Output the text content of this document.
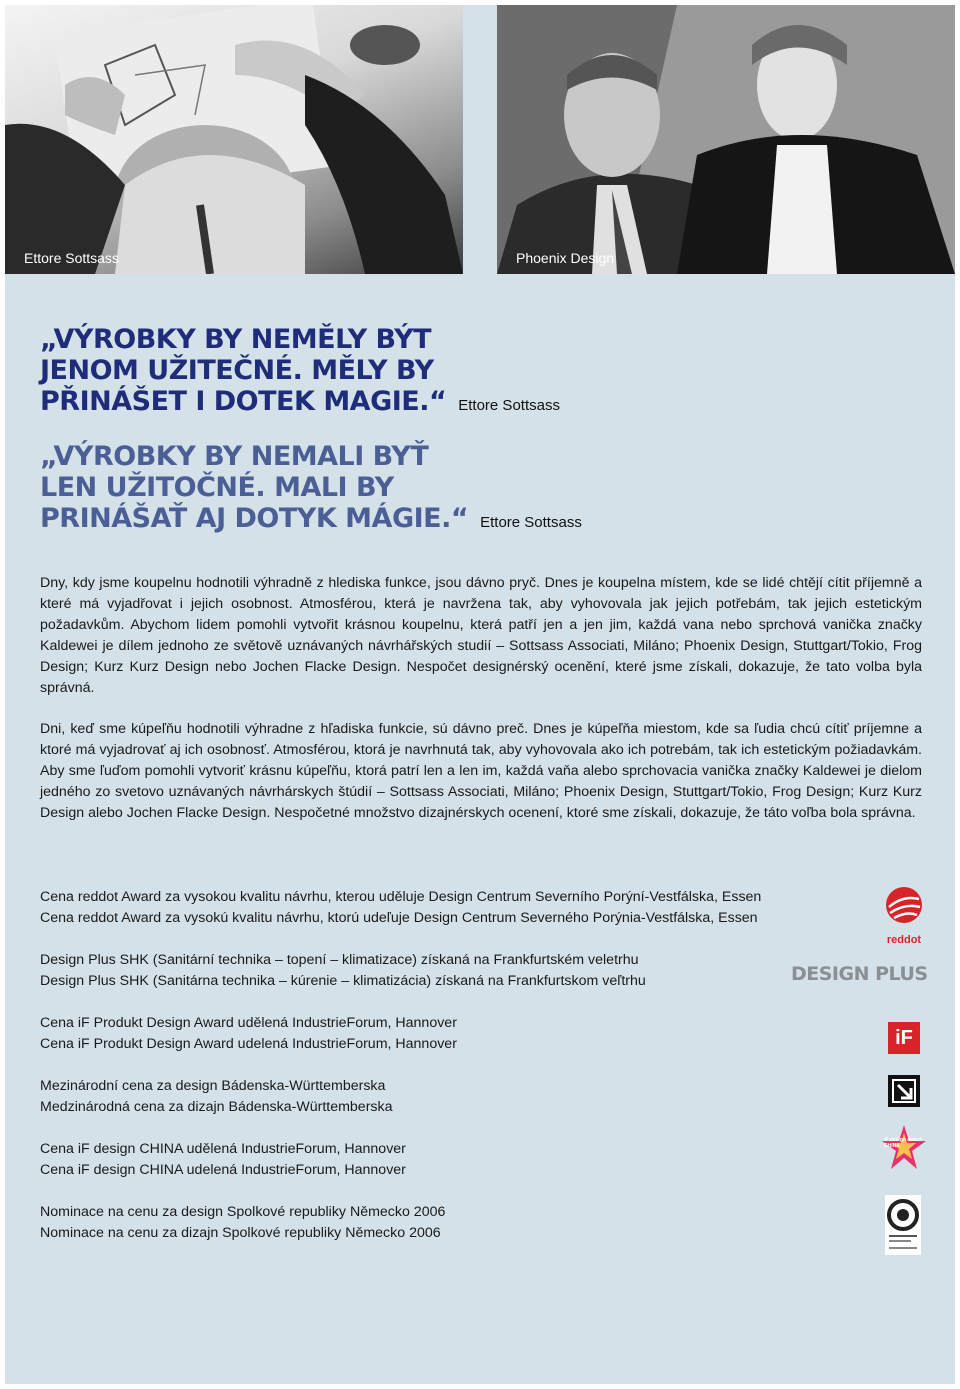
Ettore Sottsass	Phoenix Design
„VÝROBKY BY NEMĚLY BÝT
JENOM UŽITEČNÉ. MĚLY BY
PŘINÁŠET I DOTEK MAGIE.“ Ettore Sottsass
„VÝROBKY BY NEMALI BYŤ
LEN UŽITOČNÉ. MALI BY
PRINÁŠAŤ AJ DOTYK MÁGIE.“ Ettore Sottsass

Dny, kdy jsme koupelnu hodnotili výhradně z hlediska funkce, jsou dávno pryč. Dnes je koupelna místem, kde se lidé chtějí cítit příjemně a které má vyjadřovat i jejich osobnost. Atmosférou, která je navržena tak, aby vyhovovala jak jejich potřebám, tak jejich estetickým požadavkům. Abychom lidem pomohli vytvořit krásnou koupelnu, která patří jen a jen jim, každá vana nebo sprchová vanička značky Kaldewei je dílem jednoho ze světově uznávaných návrhářských studií – Sottsass Associati, Miláno; Phoenix Design, Stuttgart/Tokio, Frog Design; Kurz Kurz Design nebo Jochen Flacke Design. Nespočet designérský ocenění, které jsme získali, dokazuje, že tato volba byla správná.

Dni, keď sme kúpeľňu hodnotili výhradne z hľadiska funkcie, sú dávno preč. Dnes je kúpeľňa miestom, kde sa ľudia chcú cítiť príjemne a ktoré má vyjadrovať aj ich osobnosť. Atmosférou, ktorá je navrhnutá tak, aby vyhovovala ako ich potrebám, tak ich estetickým požiadavkám. Aby sme ľuďom pomohli vytvoriť krásnu kúpeľňu, ktorá patrí len a len im, každá vaňa alebo sprchovacia vanička značky Kaldewei je dielom jedného zo svetovo uznávaných návrhárskych štúdií – Sottsass Associati, Miláno; Phoenix Design, Stuttgart/Tokio, Frog Design; Kurz Kurz Design alebo Jochen Flacke Design. Nespočetné množstvo dizajnérskych ocenení, ktoré sme získali, dokazuje, že táto voľba bola správna.

Cena reddot Award za vysokou kvalitu návrhu, kterou uděluje Design Centrum Severního Porýní-Vestfálska, Essen
Cena reddot Award za vysokú kvalitu návrhu, ktorú udeľuje Design Centrum Severného Porýnia-Vestfálska, Essen
Design Plus SHK (Sanitární technika – topení – klimatizace) získaná na Frankfurtském veletrhu
Design Plus SHK (Sanitárna technika – kúrenie – klimatizácia) získaná na Frankfurtskom veľtrhu
Cena iF Produkt Design Award udělená IndustrieForum, Hannover
Cena iF Produkt Design Award udelená IndustrieForum, Hannover
Mezinárodní cena za design Bádenska-Württemberska
Medzinárodná cena za dizajn Bádenska-Württemberska
Cena iF design CHINA udělená IndustrieForum, Hannover
Cena iF design CHINA udelená IndustrieForum, Hannover
Nominace na cenu za design Spolkové republiky Německo 2006
Nominace na cenu za dizajn Spolkové republiky Německo 2006
reddot
DESIGN PLUS
iF
iF design award CHINA
